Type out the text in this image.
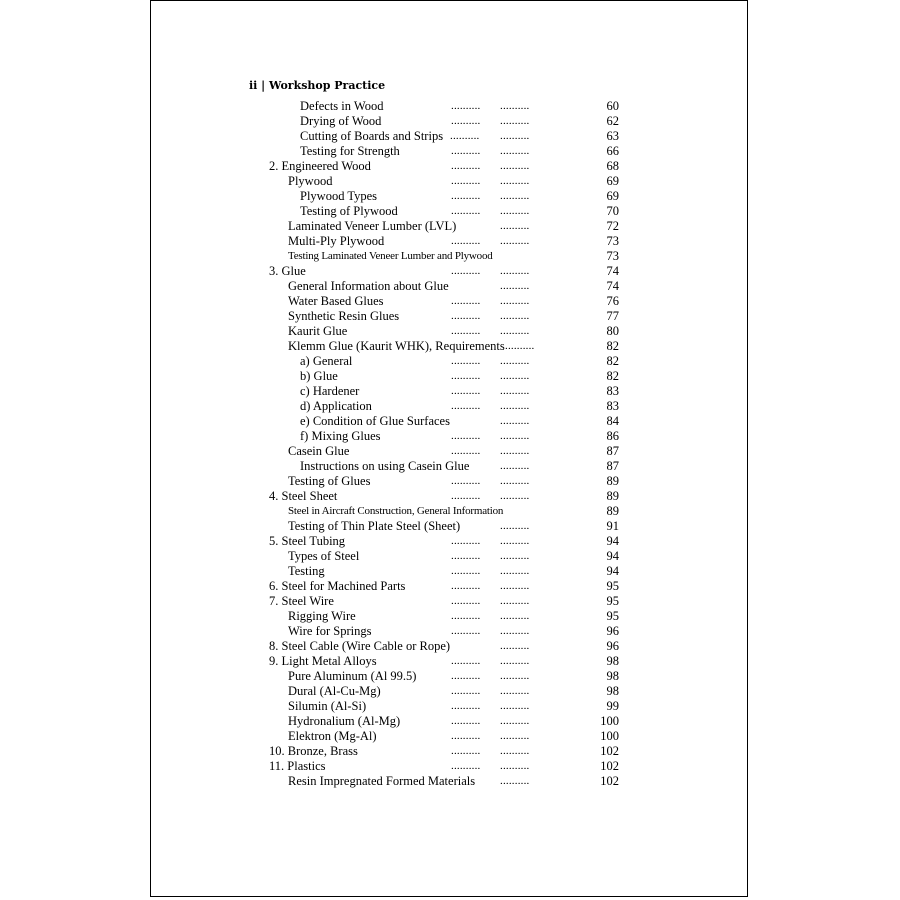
ii | Workshop Practice
Defects in Wood	.......... ..........	60
Drying of Wood	.......... ..........	62
Cutting of Boards and Strips .......... ..........	63
Testing for Strength	.......... ..........	66
2. Engineered Wood	.......... ..........	68
Plywood	.......... ..........	69
Plywood Types	.......... ..........	69
Testing of Plywood	.......... ..........	70
Laminated Veneer Lumber (LVL)	..........	72
Multi-Ply Plywood	.......... ..........	73
Testing Laminated Veneer Lumber and Plywood	73
3. Glue	.......... ..........	74
General Information about Glue	..........	74
Water Based Glues	.......... ..........	76
Synthetic Resin Glues	.......... ..........	77
Kaurit Glue	.......... ..........	80
Klemm Glue (Kaurit WHK), Requirements ..........	82
a) General	.......... ..........	82
b) Glue	.......... ..........	82
c) Hardener	.......... ..........	83
d) Application	.......... ..........	83
e) Condition of Glue Surfaces	..........	84
f) Mixing Glues	.......... ..........	86
Casein Glue	.......... ..........	87
Instructions on using Casein Glue	..........	87
Testing of Glues	.......... ..........	89
4. Steel Sheet	.......... ..........	89
Steel in Aircraft Construction, General Information	89
Testing of Thin Plate Steel (Sheet)	..........	91
5. Steel Tubing	.......... ..........	94
Types of Steel	.......... ..........	94
Testing	.......... ..........	94
6. Steel for Machined Parts	.......... ..........	95
7. Steel Wire	.......... ..........	95
Rigging Wire	.......... ..........	95
Wire for Springs	.......... ..........	96
8. Steel Cable (Wire Cable or Rope)	..........	96
9. Light Metal Alloys	.......... ..........	98
Pure Aluminum (Al 99.5)	.......... ..........	98
Dural (Al-Cu-Mg)	.......... ..........	98
Silumin (Al-Si)	.......... ..........	99
Hydronalium (Al-Mg)	.......... ..........	100
Elektron (Mg-Al)	.......... ..........	100
10. Bronze, Brass	.......... ..........	102
11. Plastics	.......... ..........	102
Resin Impregnated Formed Materials ..........	102
